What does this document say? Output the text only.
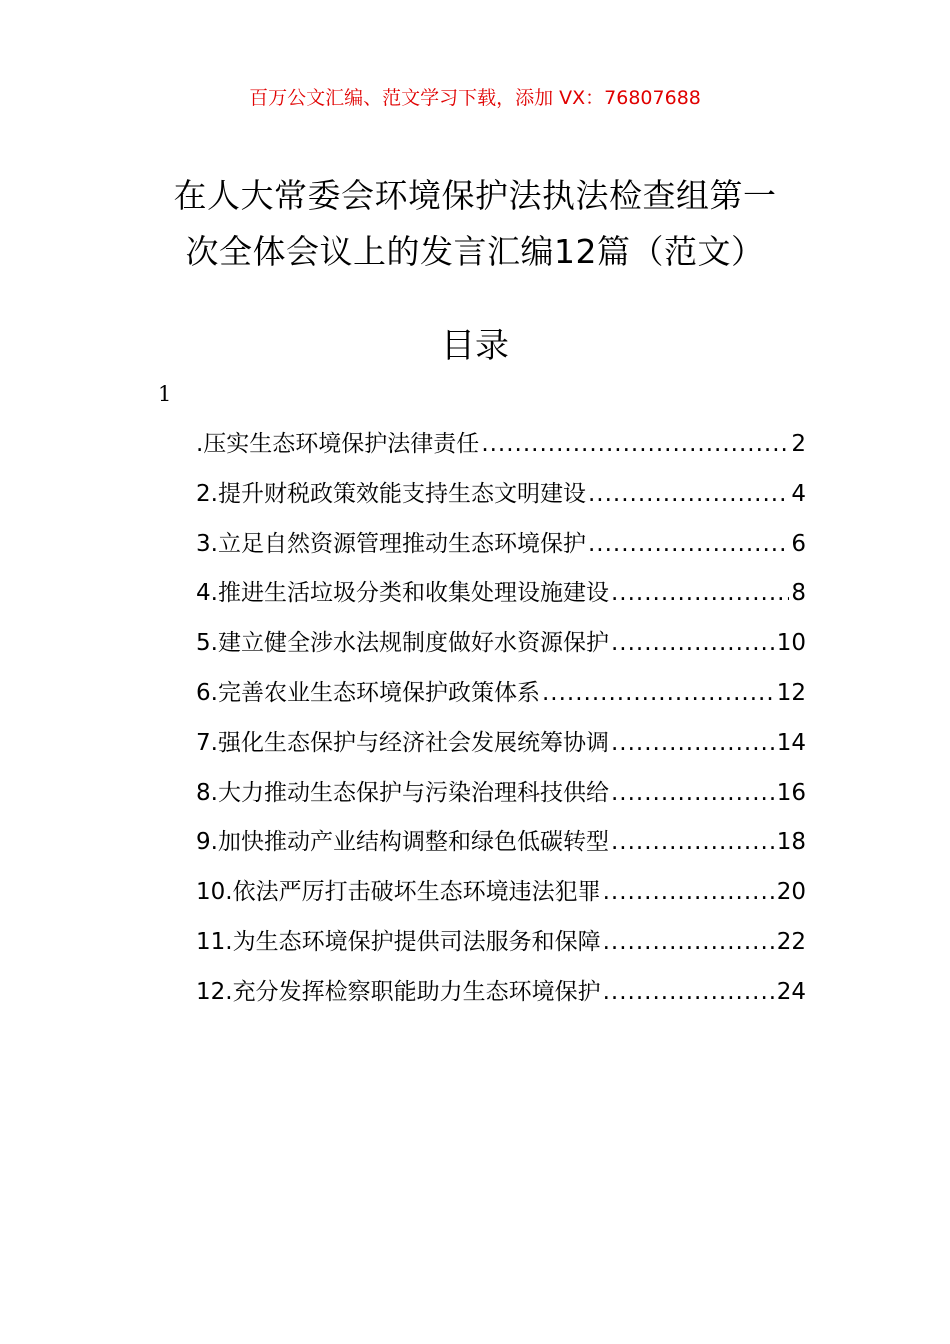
百万公文汇编、范文学习下载，添加 VX：76807688
在人大常委会环境保护法执法检查组第一
次全体会议上的发言汇编12篇（范文）
目录
1
.压实生态环境保护法律责任 .....	2
2.提升财税政策效能支持生态文明建设 .....	4
3.立足自然资源管理推动生态环境保护 .....	6
4.推进生活垃圾分类和收集处理设施建设 .....	8
5.建立健全涉水法规制度做好水资源保护 .....	10
6.完善农业生态环境保护政策体系 .....	12
7.强化生态保护与经济社会发展统筹协调 .....	14
8.大力推动生态保护与污染治理科技供给 .....	16
9.加快推动产业结构调整和绿色低碳转型 .....	18
10.依法严厉打击破坏生态环境违法犯罪 .....	20
11.为生态环境保护提供司法服务和保障 .....	22
12.充分发挥检察职能助力生态环境保护 .....	24
